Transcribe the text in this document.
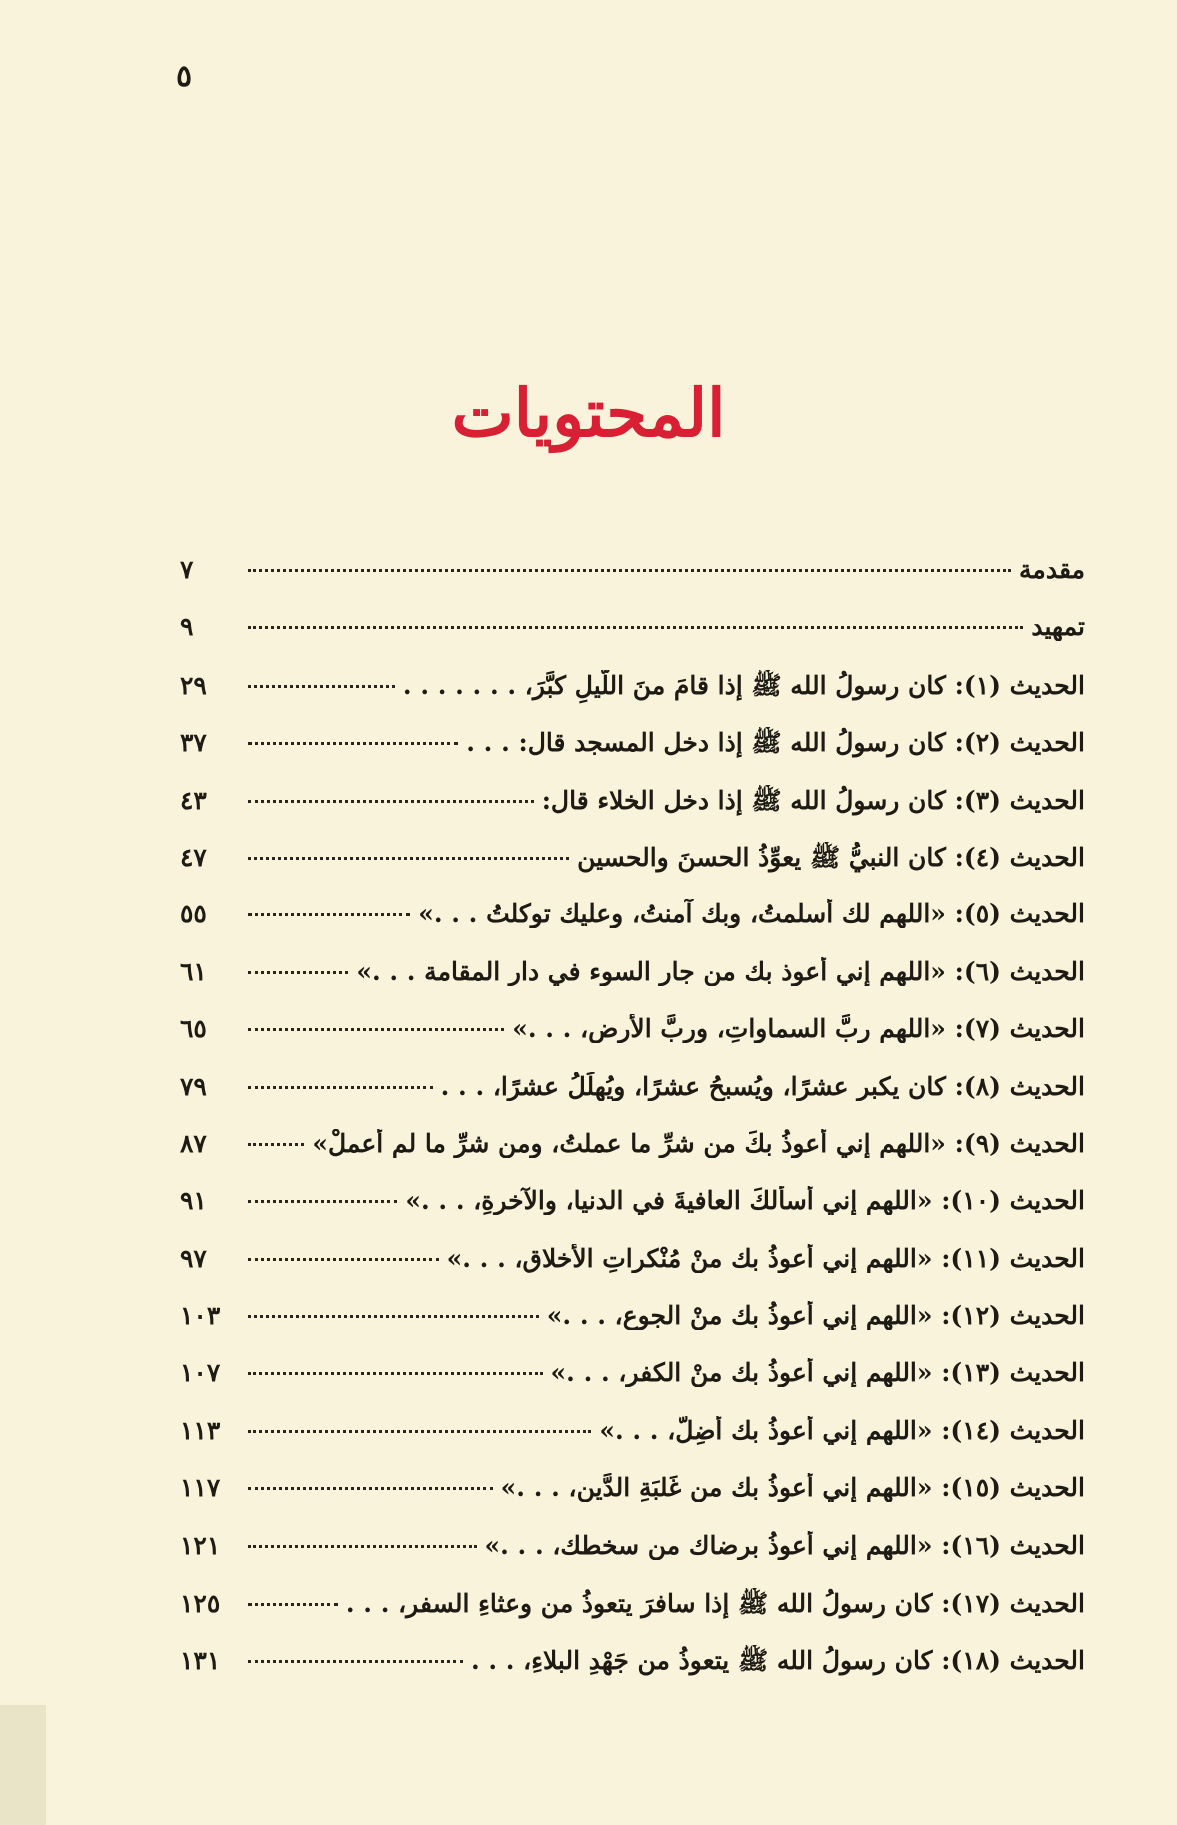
٥
المحتويات
مقدمة
٧
تمهيد
٩
الحديث (١): كان رسولُ الله ﷺ إذا قامَ منَ اللَّيلِ كبَّرَ، . . . . . . .
٢٩
الحديث (٢): كان رسولُ الله ﷺ إذا دخل المسجد قال: . . .
٣٧
الحديث (٣): كان رسولُ الله ﷺ إذا دخل الخلاء قال:
٤٣
الحديث (٤): كان النبيُّ ﷺ يعوِّذُ الحسنَ والحسين
٤٧
الحديث (٥): «اللهم لك أَسلمتُ، وبك آمنتُ، وعليك توكلتُ . . .»
٥٥
الحديث (٦): «اللهم إني أعوذ بك من جار السوء في دار المقامة . . .»
٦١
الحديث (٧): «اللهم ربَّ السماواتِ، وربَّ الأرض، . . .»
٦٥
الحديث (٨): كان يكبر عشرًا، ويُسبحُ عشرًا، ويُهلِّلُ عشرًا، . . .
٧٩
الحديث (٩): «اللهم إني أعوذُ بكَ من شرِّ ما عملتُ، ومن شرِّ ما لم أعملْ»
٨٧
الحديث (١٠): «اللهم إني أسألكَ العافيةَ في الدنيا، والآخرةِ، . . .»
٩١
الحديث (١١): «اللهم إني أعوذُ بك منْ مُنْكراتِ الأخلاقِ، . . .»
٩٧
الحديث (١٢): «اللهم إني أعوذُ بك منْ الجوعِ، . . .»
١٠٣
الحديث (١٣): «اللهم إني أعوذُ بك منْ الكفرِ، . . .»
١٠٧
الحديث (١٤): «اللهم إني أعوذُ بك أَضِلَّ، . . .»
١١٣
الحديث (١٥): «اللهم إني أعوذُ بك من غَلبَةِ الدَّين، . . .»
١١٧
الحديث (١٦): «اللهم إني أعوذُ برضاك من سخطك، . . .»
١٢١
الحديث (١٧): كان رسولُ الله ﷺ إذا سافرَ يتعوذُ من وعثاءِ السفر، . . .
١٢٥
الحديث (١٨): كان رسولُ الله ﷺ يتعوذُ من جَهْدِ البلاءِ، . . .
١٣١
